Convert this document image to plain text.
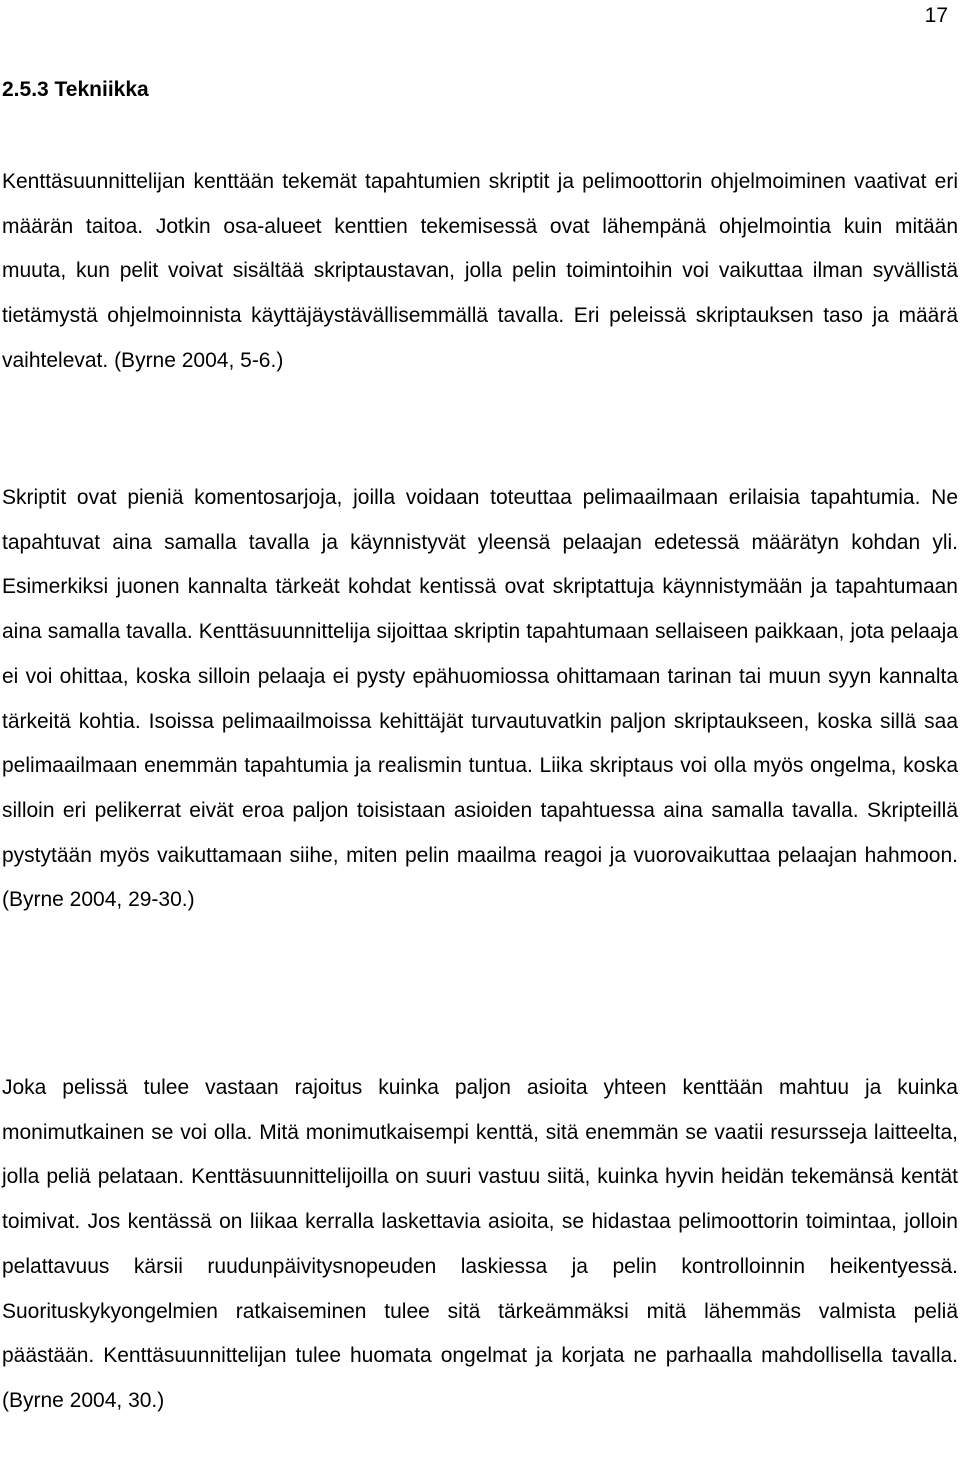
17
2.5.3 Tekniikka

Kenttäsuunnittelijan kenttään tekemät tapahtumien skriptit ja pelimoottorin ohjelmoiminen vaativat eri määrän taitoa. Jotkin osa-alueet kenttien tekemisessä ovat lähempänä ohjelmointia kuin mitään muuta, kun pelit voivat sisältää skriptaustavan, jolla pelin toimintoihin voi vaikuttaa ilman syvällistä tietämystä ohjelmoinnista käyttäjäystävällisemmällä tavalla. Eri peleissä skriptauksen taso ja määrä vaihtelevat. (Byrne 2004, 5-6.)

Skriptit ovat pieniä komentosarjoja, joilla voidaan toteuttaa pelimaailmaan erilaisia tapahtumia. Ne tapahtuvat aina samalla tavalla ja käynnistyvät yleensä pelaajan edetessä määrätyn kohdan yli. Esimerkiksi juonen kannalta tärkeät kohdat kentissä ovat skriptattuja käynnistymään ja tapahtumaan aina samalla tavalla. Kenttäsuunnittelija sijoittaa skriptin tapahtumaan sellaiseen paikkaan, jota pelaaja ei voi ohittaa, koska silloin pelaaja ei pysty epähuomiossa ohittamaan tarinan tai muun syyn kannalta tärkeitä kohtia. Isoissa pelimaailmoissa kehittäjät turvautuvatkin paljon skriptaukseen, koska sillä saa pelimaailmaan enemmän tapahtumia ja realismin tuntua. Liika skriptaus voi olla myös ongelma, koska silloin eri pelikerrat eivät eroa paljon toisistaan asioiden tapahtuessa aina samalla tavalla. Skripteillä pystytään myös vaikuttamaan siihe, miten pelin maailma reagoi ja vuorovaikuttaa pelaajan hahmoon. (Byrne 2004, 29-30.)

Joka pelissä tulee vastaan rajoitus kuinka paljon asioita yhteen kenttään mahtuu ja kuinka monimutkainen se voi olla. Mitä monimutkaisempi kenttä, sitä enemmän se vaatii resursseja laitteelta, jolla peliä pelataan. Kenttäsuunnittelijoilla on suuri vastuu siitä, kuinka hyvin heidän tekemänsä kentät toimivat. Jos kentässä on liikaa kerralla laskettavia asioita, se hidastaa pelimoottorin toimintaa, jolloin pelattavuus kärsii ruudunpäivitysnopeuden laskiessa ja pelin kontrolloinnin heikentyessä. Suorituskykyongelmien ratkaiseminen tulee sitä tärkeämmäksi mitä lähemmäs valmista peliä päästään. Kenttäsuunnittelijan tulee huomata ongelmat ja korjata ne parhaalla mahdollisella tavalla. (Byrne 2004, 30.)
